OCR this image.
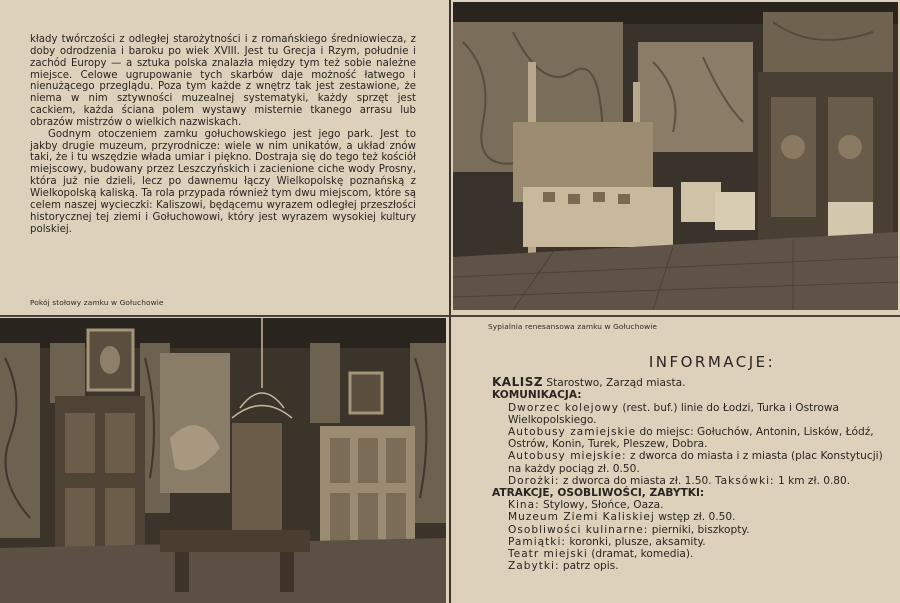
kłady twórczości z odległej starożytności i z romańskiego średniowiecza, z doby odrodzenia i baroku po wiek XVIII. Jest tu Grecja i Rzym, południe i zachód Europy — a sztuka polska znalazła między tym też sobie należne miejsce. Celowe ugrupowanie tych skarbów daje możność łatwego i nienużącego przeglądu. Poza tym każde z wnętrz tak jest zestawione, że niema w nim sztywności muzealnej systematyki, każdy sprzęt jest cackiem, każda ściana polem wystawy misternie tkanego arrasu lub obrazów mistrzów o wielkich nazwiskach.

Godnym otoczeniem zamku gołuchowskiego jest jego park. Jest to jakby drugie muzeum, przyrodnicze: wiele w nim unikatów, a układ znów taki, że i tu wszędzie włada umiar i piękno. Dostraja się do tego też kościół miejscowy, budowany przez Leszczyńskich i zacienione ciche wody Prosny, która już nie dzieli, lecz po dawnemu łączy Wielkopolskę poznańską z Wielkopolską kaliską. Ta rola przypada również tym dwu miejscom, które są celem naszej wycieczki: Kaliszowi, będącemu wyrazem odległej przeszłości historycznej tej ziemi i Gołuchowowi, który jest wyrazem wysokiej kultury polskiej.

Pokój stołowy zamku w Gołuchowie
Sypialnia renesansowa zamku w Gołuchowie
INFORMACJE:
KALISZ Starostwo, Zarząd miasta.
KOMUNIKACJA:
Dworzec kolejowy (rest. buf.) linie do Łodzi, Turka i Ostrowa Wielkopolskiego.
Autobusy zamiejskie do miejsc: Gołuchów, Antonin, Lisków, Łódź, Ostrów, Konin, Turek, Pleszew, Dobra.
Autobusy miejskie: z dworca do miasta i z miasta (plac Konstytucji) na każdy pociąg zł. 0.50.
Dorożki: z dworca do miasta zł. 1.50. Taksówki: 1 km zł. 0.80.
ATRAKCJE, OSOBLIWOŚCI, ZABYTKI:
Kina: Stylowy, Słońce, Oaza.
Muzeum Ziemi Kaliskiej wstęp zł. 0.50.
Osobliwości kulinarne: pierniki, biszkopty.
Pamiątki: koronki, plusze, aksamity.
Teatr miejski (dramat, komedia).
Zabytki: patrz opis.
